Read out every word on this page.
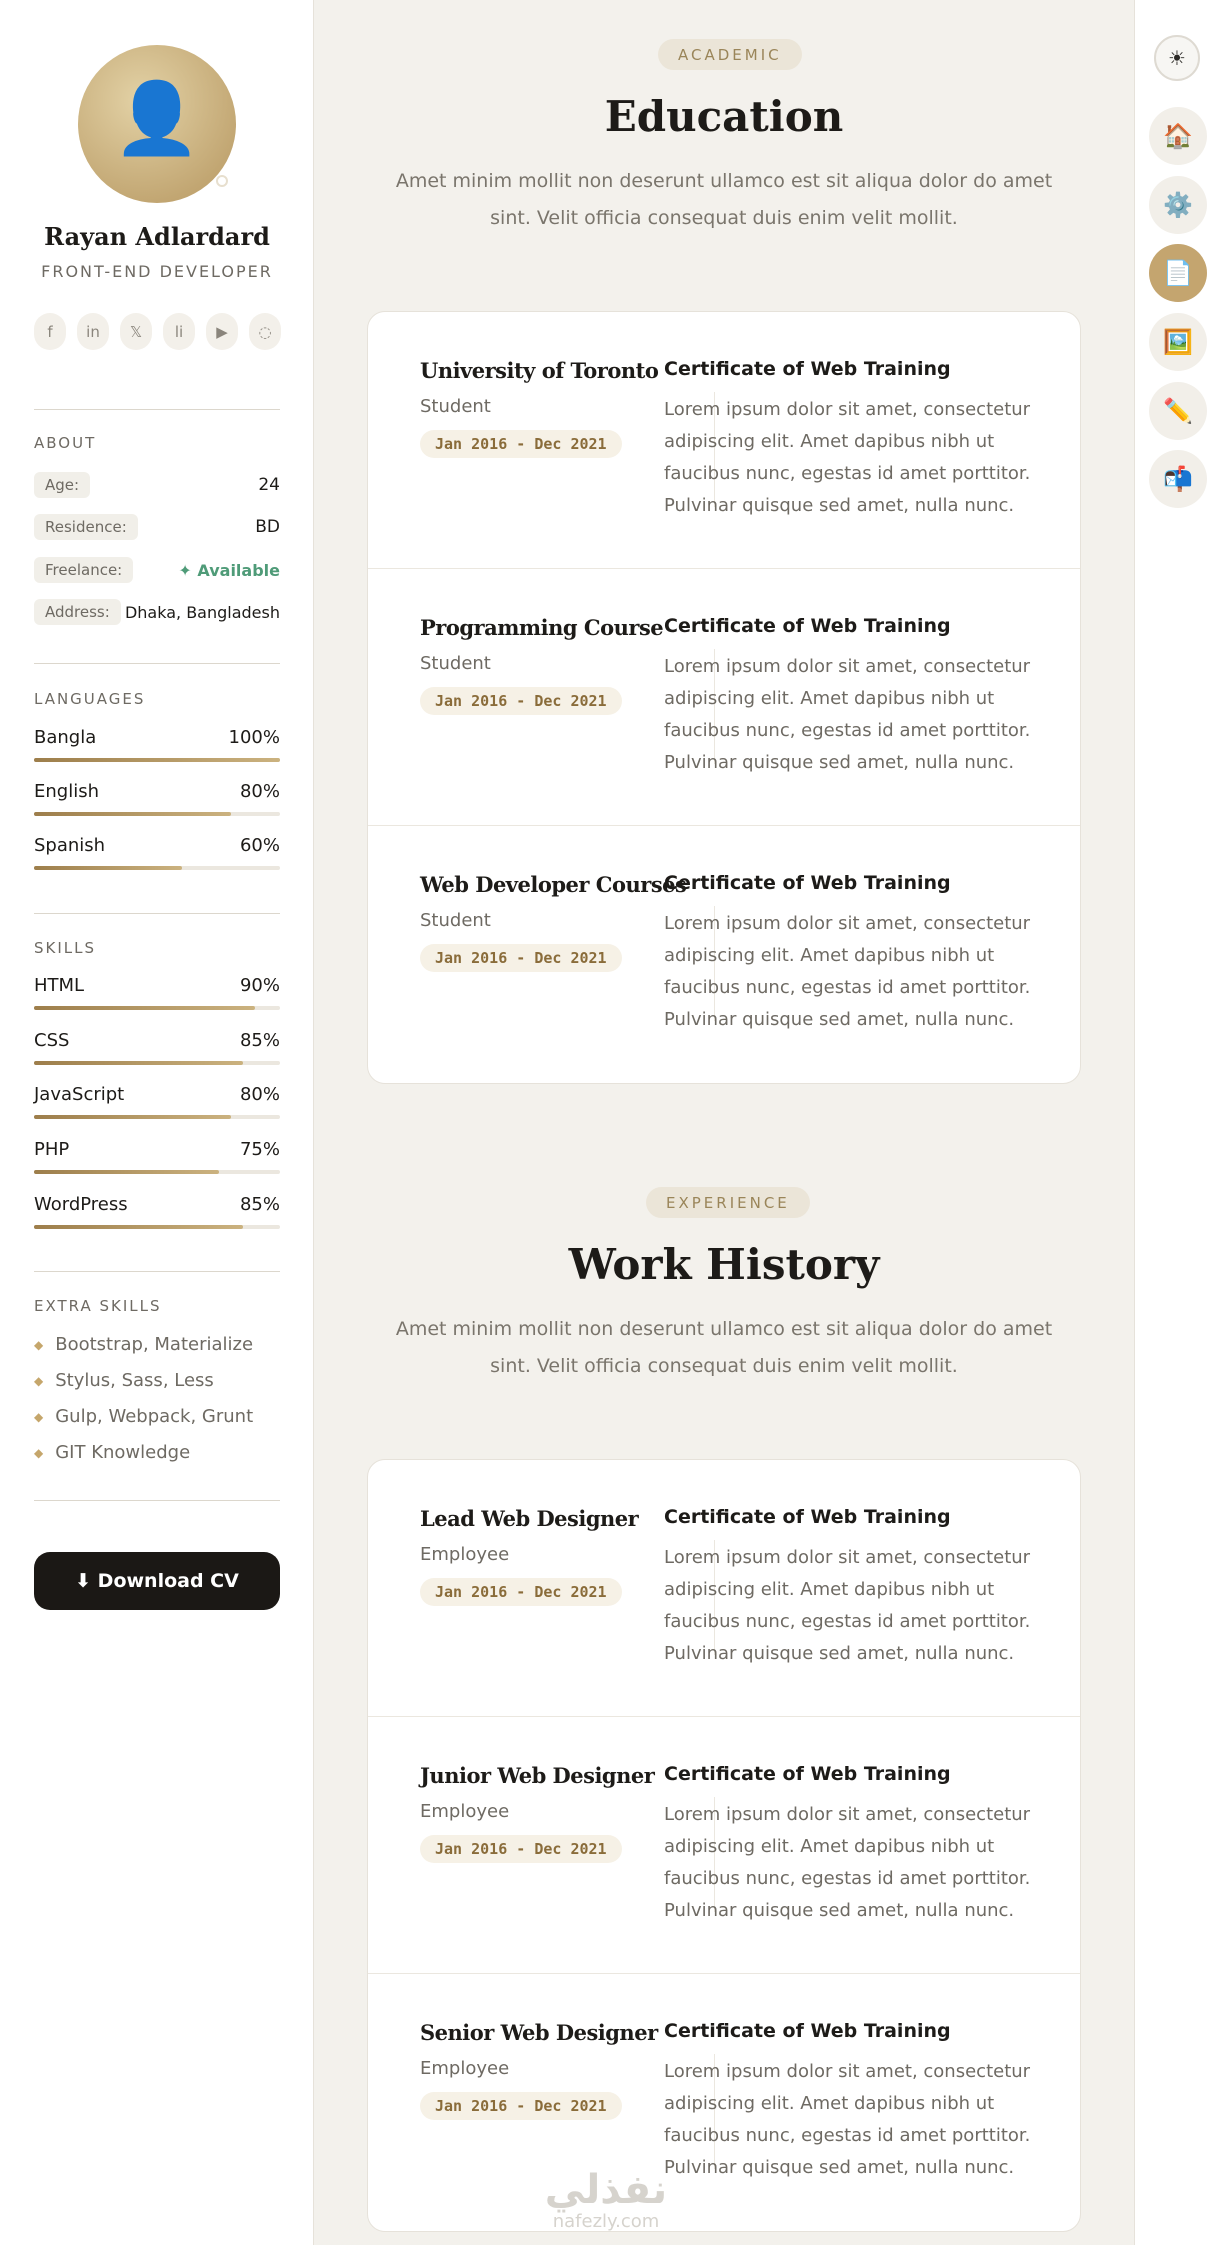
👤
Rayan Adlardard
FRONT-END DEVELOPER
f	in	𝕏	li	▶	◌
ABOUT
Age:	24
Residence:	BD
Freelance:	✦ Available
Address: Dhaka, Bangladesh
LANGUAGES
Bangla	100%
English	80%
Spanish	60%
SKILLS
HTML	90%
CSS	85%
JavaScript	80%
PHP	75%
WordPress	85%
EXTRA SKILLS
◆ Bootstrap, Materialize
◆ Stylus, Sass, Less
◆ Gulp, Webpack, Grunt
◆ GIT Knowledge
⬇ Download CV
☀
🏠
⚙️
📄
🖼️
✏️
📬
ACADEMIC
Education

Amet minim mollit non deserunt ullamco est sit aliqua dolor do amet sint. Velit officia consequat duis enim velit mollit.

University of Toronto
Student
Jan 2016 - Dec 2021
Certificate of Web Training
Lorem ipsum dolor sit amet, consectetur adipiscing elit. Amet dapibus nibh ut faucibus nunc, egestas id amet porttitor. Pulvinar quisque sed amet, nulla nunc.
Programming Course
Student
Jan 2016 - Dec 2021
Certificate of Web Training
Lorem ipsum dolor sit amet, consectetur adipiscing elit. Amet dapibus nibh ut faucibus nunc, egestas id amet porttitor. Pulvinar quisque sed amet, nulla nunc.
Web Developer Courses
Student
Jan 2016 - Dec 2021
Certificate of Web Training
Lorem ipsum dolor sit amet, consectetur adipiscing elit. Amet dapibus nibh ut faucibus nunc, egestas id amet porttitor. Pulvinar quisque sed amet, nulla nunc.
EXPERIENCE
Work History

Amet minim mollit non deserunt ullamco est sit aliqua dolor do amet sint. Velit officia consequat duis enim velit mollit.

Lead Web Designer
Employee
Jan 2016 - Dec 2021
Certificate of Web Training
Lorem ipsum dolor sit amet, consectetur adipiscing elit. Amet dapibus nibh ut faucibus nunc, egestas id amet porttitor. Pulvinar quisque sed amet, nulla nunc.
Junior Web Designer
Employee
Jan 2016 - Dec 2021
Certificate of Web Training
Lorem ipsum dolor sit amet, consectetur adipiscing elit. Amet dapibus nibh ut faucibus nunc, egestas id amet porttitor. Pulvinar quisque sed amet, nulla nunc.
Senior Web Designer
Employee
Jan 2016 - Dec 2021
Certificate of Web Training
Lorem ipsum dolor sit amet, consectetur adipiscing elit. Amet dapibus nibh ut faucibus nunc, egestas id amet porttitor. Pulvinar quisque sed amet, nulla nunc.
نفذلي
nafezly.com
